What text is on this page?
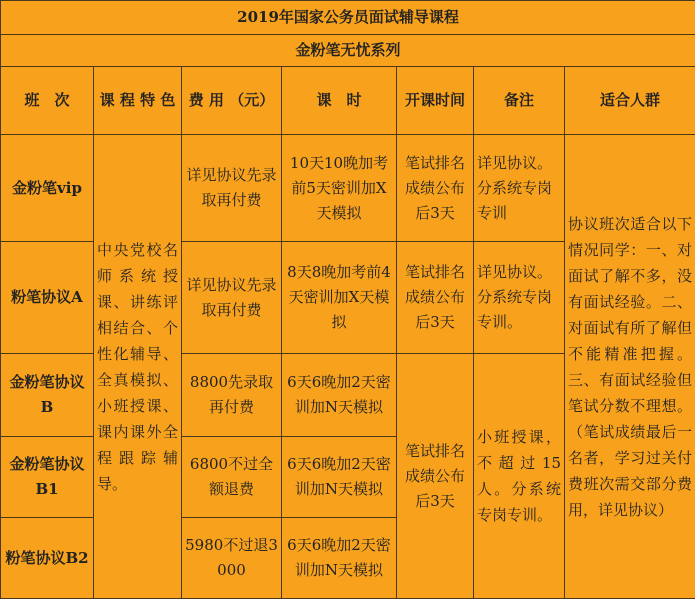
2019年国家公务员面试辅导课程						
金粉笔无忧系列						
班　次	课 程 特 色	费 用 （元）	课　时	开课时间	备注	适合人群
金粉笔vip	中央党校名师系统授课、讲练评相结合、个性化辅导、全真模拟、小班授课、课内课外全程跟踪辅导。	详见协议先录取再付费	10天10晚加考前5天密训加X天模拟	笔试排名成绩公布后3天	详见协议。分系统专岗专训	协议班次适合以下情况同学：一、对面试了解不多，没有面试经验。二、对面试有所了解但不能精准把握。三、有面试经验但笔试分数不理想。（笔试成绩最后一名者，学习过关付费班次需交部分费用，详见协议）
粉笔协议A		详见协议先录取再付费	8天8晚加考前4天密训加X天模拟	笔试排名成绩公布后3天	详见协议。分系统专岗专训。	
金粉笔协议B		8800先录取再付费	6天6晚加2天密训加N天模拟	笔试排名成绩公布后3天	小班授课，不超过15人。分系统专岗专训。	
金粉笔协议B1		6800不过全额退费	6天6晚加2天密训加N天模拟			
粉笔协议B2		5980不过退3000	6天6晚加2天密训加N天模拟			
